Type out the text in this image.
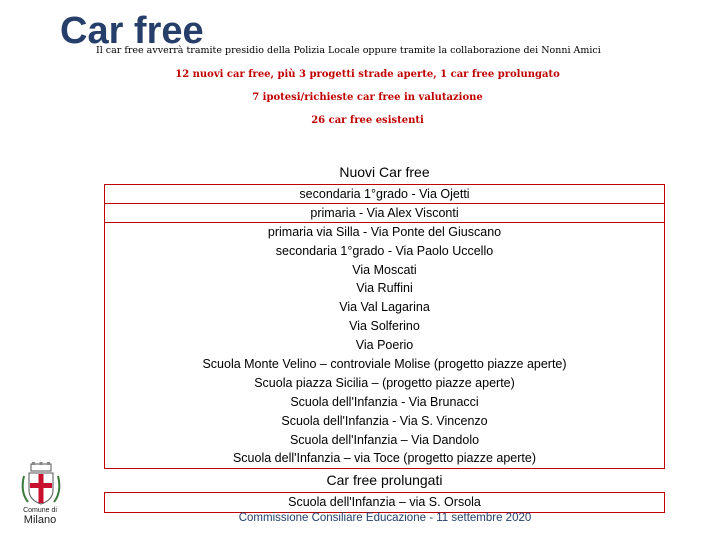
Car free
Il car free avverrà tramite presidio della Polizia Locale oppure tramite la collaborazione dei Nonni Amici
12 nuovi car free, più 3 progetti strade aperte, 1 car free prolungato
7 ipotesi/richieste car free in valutazione
26 car free esistenti
Nuovi Car free
secondaria 1°grado - Via Ojetti
primaria - Via Alex Visconti
primaria via Silla - Via Ponte del Giuscano
secondaria 1°grado - Via Paolo Uccello
Via Moscati
Via Ruffini
Via Val Lagarina
Via Solferino
Via Poerio
Scuola Monte Velino – controviale Molise (progetto piazze aperte)
Scuola piazza Sicilia – (progetto piazze aperte)
Scuola dell'Infanzia - Via Brunacci
Scuola dell'Infanzia - Via S. Vincenzo
Scuola dell'Infanzia – Via Dandolo
Scuola dell'Infanzia – via Toce (progetto piazze aperte)
Car free prolungati
Scuola dell'Infanzia – via S. Orsola
Commissione Consiliare Educazione - 11 settembre 2020
Comune di
Milano
